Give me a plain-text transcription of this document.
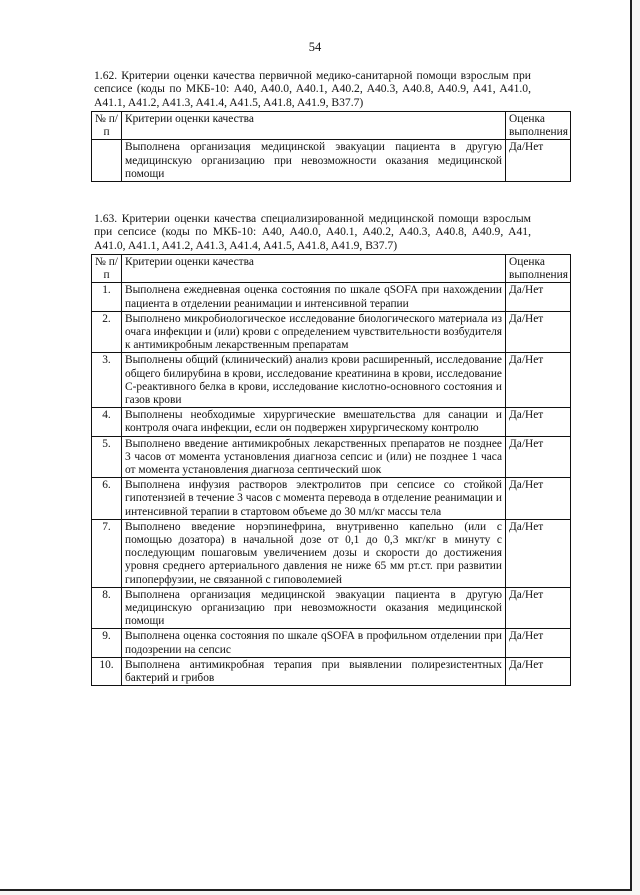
54
1.62. Критерии оценки качества первичной медико-санитарной помощи взрослым при сепсисе (коды по МКБ-10: A40, A40.0, A40.1, A40.2, A40.3, A40.8, A40.9, A41, A41.0, A41.1, A41.2, A41.3, A41.4, A41.5, A41.8, A41.9, B37.7)
№ п/п	Критерии оценки качества	Оценка выполнения
	Выполнена организация медицинской эвакуации пациента в другую медицинскую организацию при невозможности оказания медицинской помощи	Да/Нет
1.63. Критерии оценки качества специализированной медицинской помощи взрослым при сепсисе (коды по МКБ-10: A40, A40.0, A40.1, A40.2, A40.3, A40.8, A40.9, A41, A41.0, A41.1, A41.2, A41.3, A41.4, A41.5, A41.8, A41.9, B37.7)
№ п/п	Критерии оценки качества	Оценка выполнения
1.	Выполнена ежедневная оценка состояния по шкале qSOFA при нахождении пациента в отделении реанимации и интенсивной терапии	Да/Нет
2.	Выполнено микробиологическое исследование биологического материала из очага инфекции и (или) крови с определением чувствительности возбудителя к антимикробным лекарственным препаратам	Да/Нет
3.	Выполнены общий (клинический) анализ крови расширенный, исследование общего билирубина в крови, исследование креатинина в крови, исследование С-реактивного белка в крови, исследование кислотно-основного состояния и газов крови	Да/Нет
4.	Выполнены необходимые хирургические вмешательства для санации и контроля очага инфекции, если он подвержен хирургическому контролю	Да/Нет
5.	Выполнено введение антимикробных лекарственных препаратов не позднее 3 часов от момента установления диагноза сепсис и (или) не позднее 1 часа от момента установления диагноза септический шок	Да/Нет
6.	Выполнена инфузия растворов электролитов при сепсисе со стойкой гипотензией в течение 3 часов с момента перевода в отделение реанимации и интенсивной терапии в стартовом объеме до 30 мл/кг массы тела	Да/Нет
7.	Выполнено введение норэпинефрина, внутривенно капельно (или с помощью дозатора) в начальной дозе от 0,1 до 0,3 мкг/кг в минуту с последующим пошаговым увеличением дозы и скорости до достижения уровня среднего артериального давления не ниже 65 мм рт.ст. при развитии гипоперфузии, не связанной с гиповолемией	Да/Нет
8.	Выполнена организация медицинской эвакуации пациента в другую медицинскую организацию при невозможности оказания медицинской помощи	Да/Нет
9.	Выполнена оценка состояния по шкале qSOFA в профильном отделении при подозрении на сепсис	Да/Нет
10.	Выполнена антимикробная терапия при выявлении полирезистентных бактерий и грибов	Да/Нет
